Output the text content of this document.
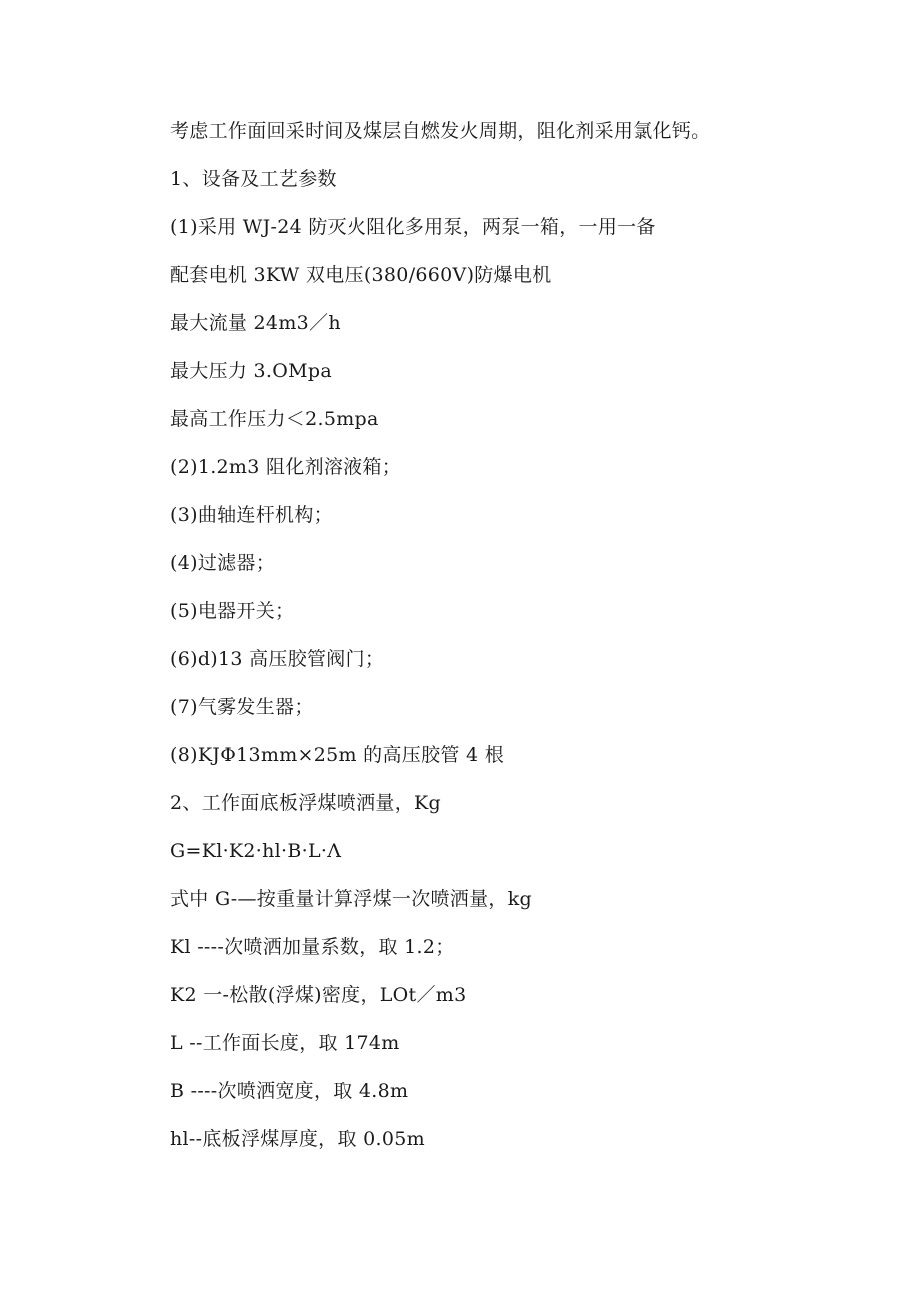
考虑工作面回采时间及煤层自燃发火周期，阻化剂采用氯化钙。
1、设备及工艺参数
(1)采用 WJ-24 防灭火阻化多用泵，两泵一箱，一用一备
配套电机 3KW 双电压(380/660V)防爆电机
最大流量 24m3／h
最大压力 3.OMpa
最高工作压力＜2.5mpa
(2)1.2m3 阻化剂溶液箱；
(3)曲轴连杆机构；
(4)过滤器；
(5)电器开关；
(6)d)13 高压胶管阀门；
(7)气雾发生器；
(8)KJΦ13mm×25m 的高压胶管 4 根
2、工作面底板浮煤喷洒量，Kg
G=Kl·K2·hl·B·L·Λ
式中 G-—按重量计算浮煤一次喷洒量，kg
Kl ----次喷洒加量系数，取 1.2；
K2 一-松散(浮煤)密度，LOt／m3
L --工作面长度，取 174m
B ----次喷洒宽度，取 4.8m
hl--底板浮煤厚度，取 0.05m
